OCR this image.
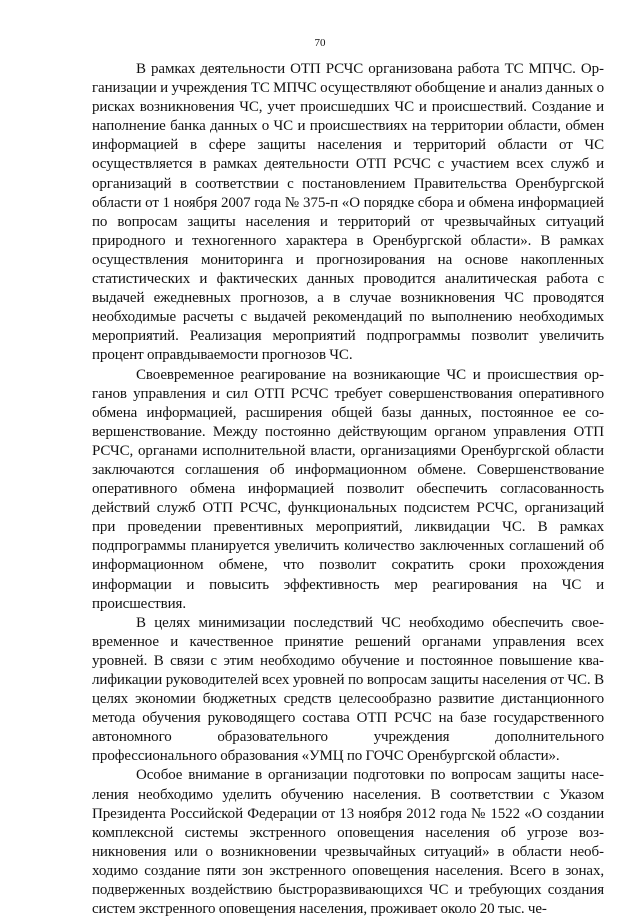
70

В рамках деятельности ОТП РСЧС организована работа ТС МПЧС. Организации и учреждения ТС МПЧС осуществляют обобщение и анализ данных о рисках возникновения ЧС, учет происшедших ЧС и происшествий. Создание и наполнение банка данных о ЧС и происшествиях на территории области, обмен информацией в сфере защиты населения и территорий области от ЧС осуществляется в рамках деятельности ОТП РСЧС с участием всех служб и организаций в соответствии с постановлением Правительства Оренбургской области от 1 ноября 2007 года № 375-п «О порядке сбора и обмена информацией по вопросам защиты населения и территорий от чрезвычайных ситуаций природного и техногенного характера в Оренбургской области». В рамках осуществления мониторинга и прогнозирования на основе накопленных статистических и фактических данных проводится аналитическая работа с выдачей ежедневных прогнозов, а в случае возникновения ЧС проводятся необходимые расчеты с выдачей рекомендаций по выполнению необходимых мероприятий. Реализация мероприятий подпрограммы позволит увеличить процент оправдываемости прогнозов ЧС.

Своевременное реагирование на возникающие ЧС и происшествия органов управления и сил ОТП РСЧС требует совершенствования оперативного обмена информацией, расширения общей базы данных, постоянное ее совершенствование. Между постоянно действующим органом управления ОТП РСЧС, органами исполнительной власти, организациями Оренбургской области заключаются соглашения об информационном обмене. Совершенствование оперативного обмена информацией позволит обеспечить согласованность действий служб ОТП РСЧС, функциональных подсистем РСЧС, организаций при проведении превентивных мероприятий, ликвидации ЧС. В рамках подпрограммы планируется увеличить количество заключенных соглашений об информационном обмене, что позволит сократить сроки прохождения информации и повысить эффективность мер реагирования на ЧС и происшествия.

В целях минимизации последствий ЧС необходимо обеспечить своевременное и качественное принятие решений органами управления всех уровней. В связи с этим необходимо обучение и постоянное повышение квалификации руководителей всех уровней по вопросам защиты населения от ЧС. В целях экономии бюджетных средств целесообразно развитие дистанционного метода обучения руководящего состава ОТП РСЧС на базе государственного автономного образовательного учреждения дополнительного профессионального образования «УМЦ по ГОЧС Оренбургской области».

Особое внимание в организации подготовки по вопросам защиты населения необходимо уделить обучению населения. В соответствии с Указом Президента Российской Федерации от 13 ноября 2012 года № 1522 «О создании комплексной системы экстренного оповещения населения об угрозе возникновения или о возникновении чрезвычайных ситуаций» в области необходимо создание пяти зон экстренного оповещения населения. Всего в зонах, подверженных воздействию быстроразвивающихся ЧС и требующих создания систем экстренного оповещения населения, проживает около 20 тыс. че-
